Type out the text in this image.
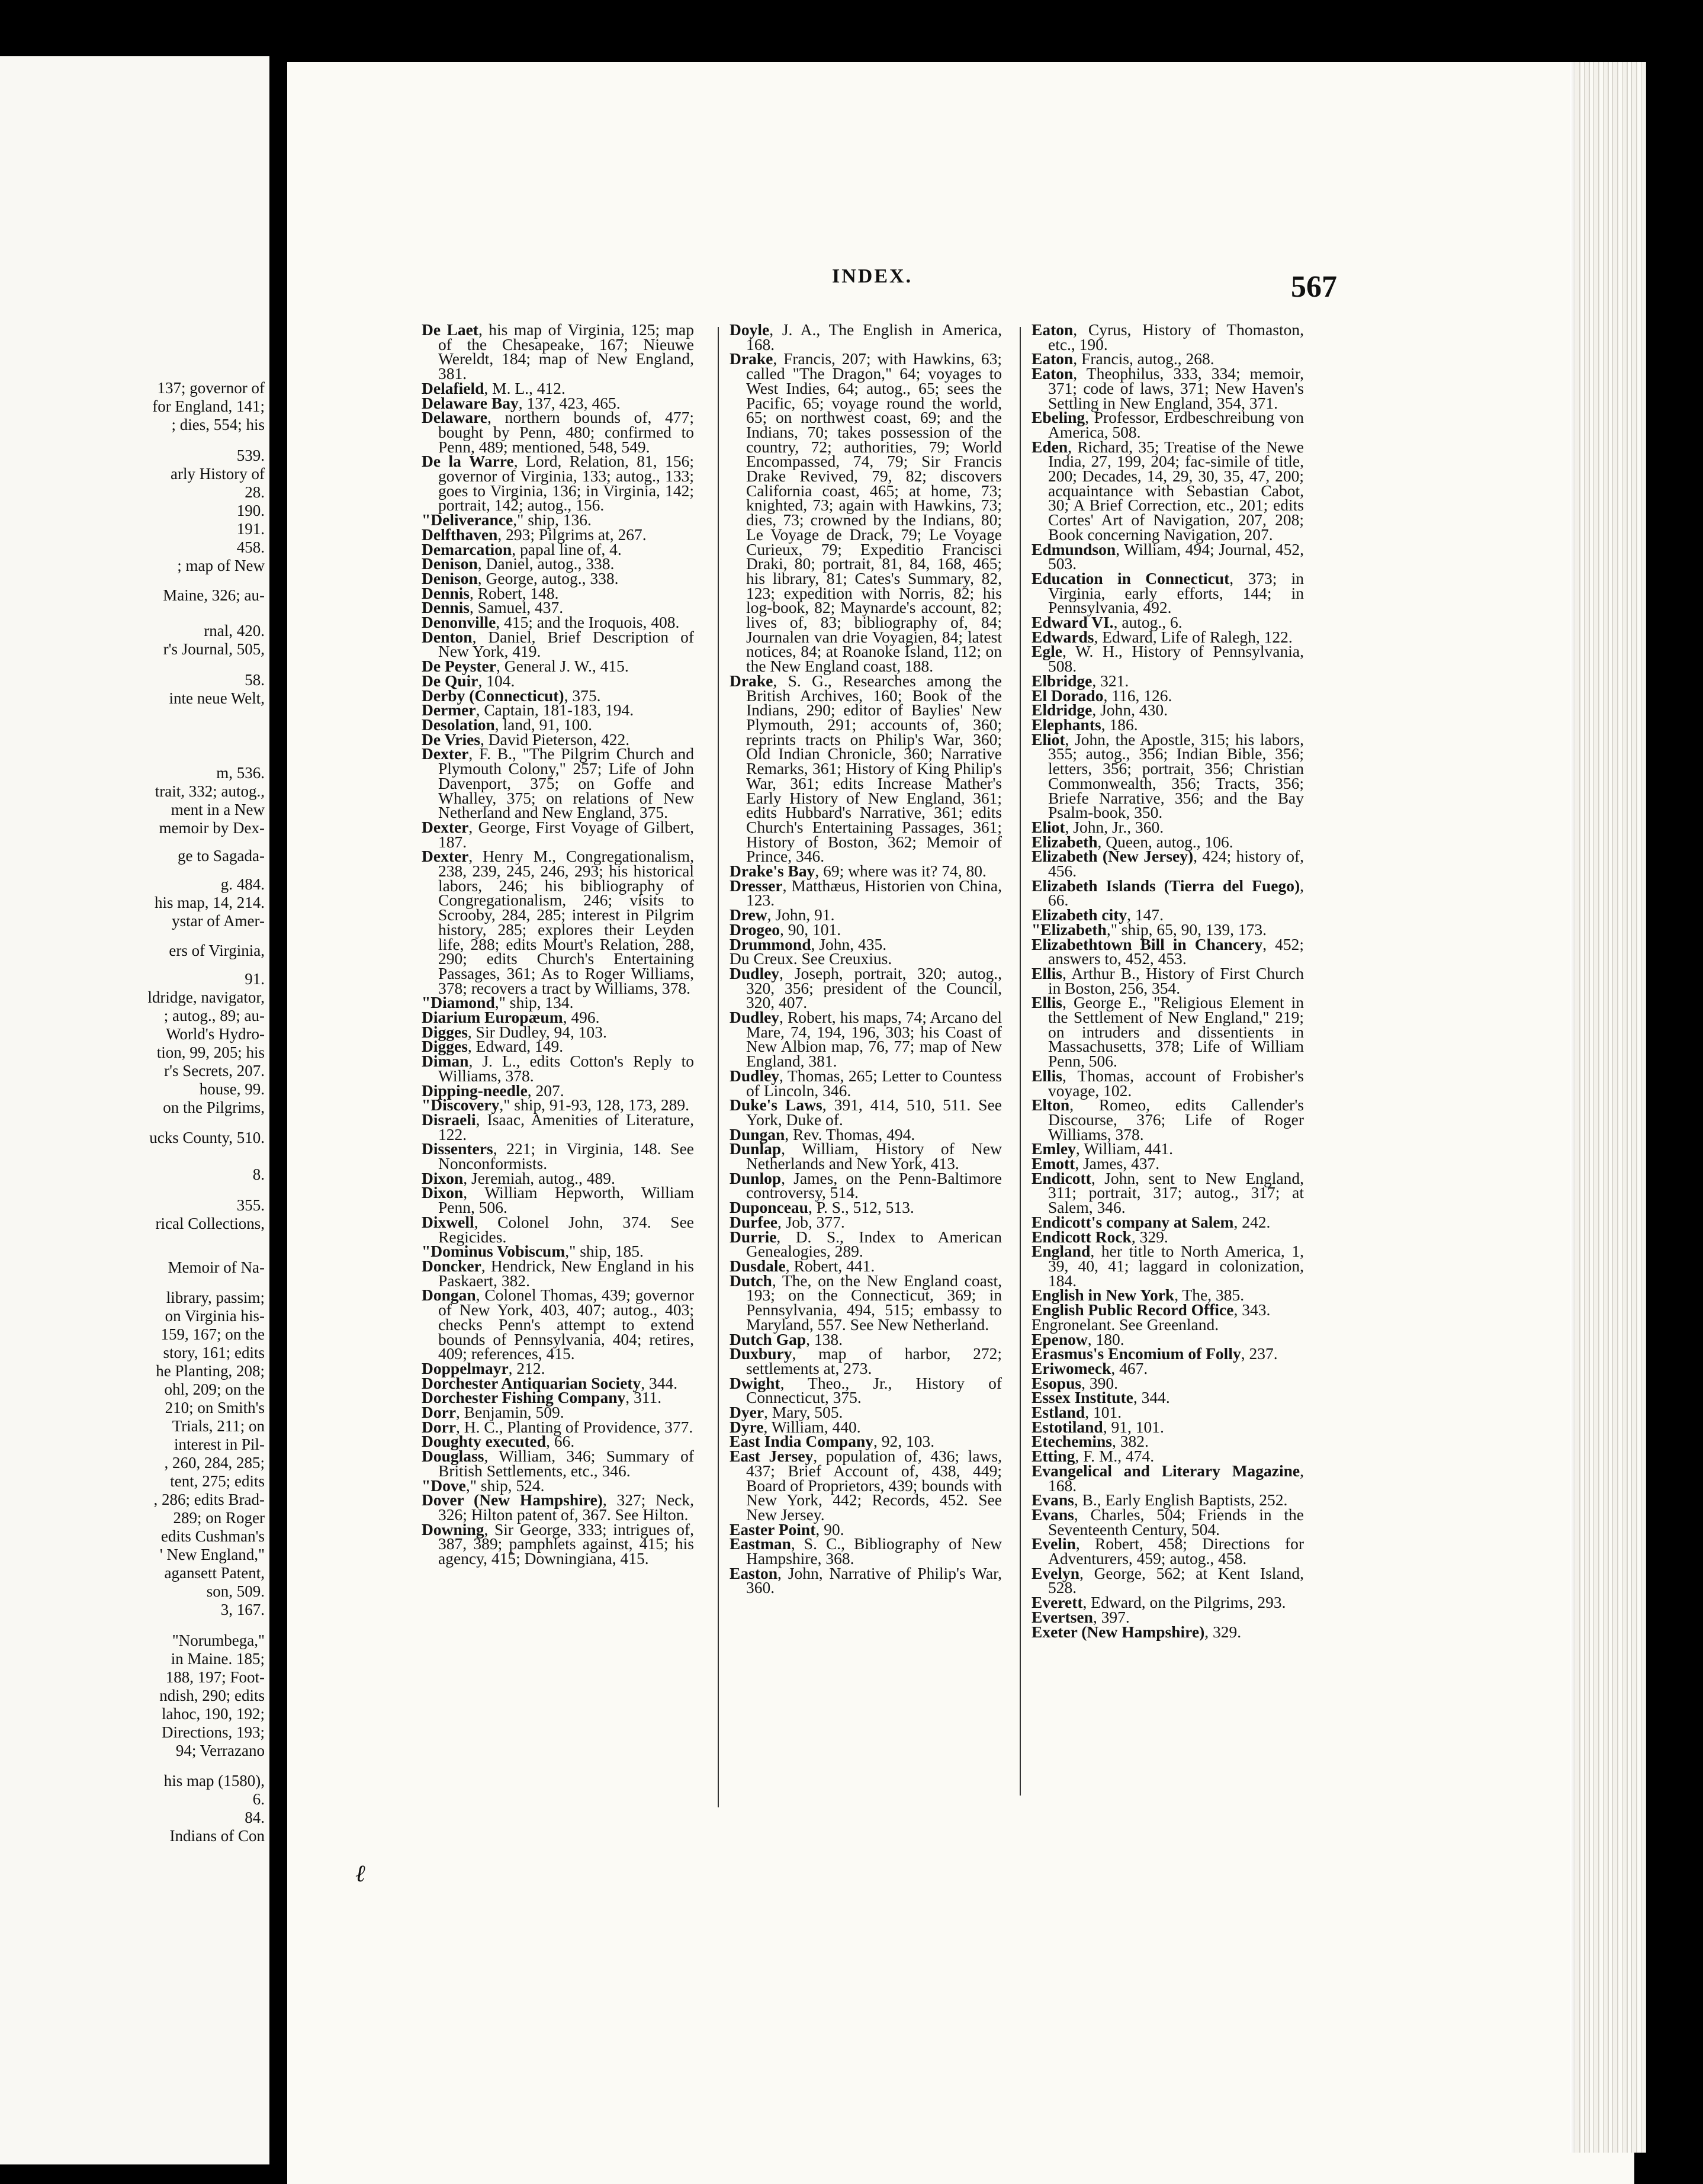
137; governor of
for England, 141;
; dies, 554; his
539.
arly History of
28.
190.
191.
458.
; map of New
Maine, 326; au-
rnal, 420.
r's Journal, 505,
58.
inte neue Welt,
m, 536.
trait, 332; autog.,
ment in a New
memoir by Dex-
ge to Sagada-
g. 484.
his map, 14, 214.
ystar of Amer-
ers of Virginia,
91.
ldridge, navigator,
; autog., 89; au-
World's Hydro-
tion, 99, 205; his
r's Secrets, 207.
house, 99.
on the Pilgrims,
ucks County, 510.
8.
355.
rical Collections,
Memoir of Na-
library, passim;
on Virginia his-
159, 167; on the
story, 161; edits
he Planting, 208;
ohl, 209; on the
210; on Smith's
Trials, 211; on
interest in Pil-
, 260, 284, 285;
tent, 275; edits
, 286; edits Brad-
289; on Roger
edits Cushman's
' New England,"
agansett Patent,
son, 509.
3, 167.
"Norumbega,"
in Maine. 185;
188, 197; Foot-
ndish, 290; edits
lahoc, 190, 192;
Directions, 193;
94; Verrazano
his map (1580),
6.
84.
Indians of Con
INDEX.	567

De Laet, his map of Virginia, 125; map of the Chesapeake, 167; Nieuwe Wereldt, 184; map of New England, 381.

Delafield, M. L., 412.

Delaware Bay, 137, 423, 465.

Delaware, northern bounds of, 477; bought by Penn, 480; confirmed to Penn, 489; mentioned, 548, 549.

De la Warre, Lord, Relation, 81, 156; governor of Virginia, 133; autog., 133; goes to Virginia, 136; in Virginia, 142; portrait, 142; autog., 156.

"Deliverance," ship, 136.

Delfthaven, 293; Pilgrims at, 267.

Demarcation, papal line of, 4.

Denison, Daniel, autog., 338.

Denison, George, autog., 338.

Dennis, Robert, 148.

Dennis, Samuel, 437.

Denonville, 415; and the Iroquois, 408.

Denton, Daniel, Brief Description of New York, 419.

De Peyster, General J. W., 415.

De Quir, 104.

Derby (Connecticut), 375.

Dermer, Captain, 181-183, 194.

Desolation, land, 91, 100.

De Vries, David Pieterson, 422.

Dexter, F. B., "The Pilgrim Church and Plymouth Colony," 257; Life of John Davenport, 375; on Goffe and Whalley, 375; on relations of New Netherland and New England, 375.

Dexter, George, First Voyage of Gilbert, 187.

Dexter, Henry M., Congregationalism, 238, 239, 245, 246, 293; his historical labors, 246; his bibliography of Congregationalism, 246; visits to Scrooby, 284, 285; interest in Pilgrim history, 285; explores their Leyden life, 288; edits Mourt's Relation, 288, 290; edits Church's Entertaining Passages, 361; As to Roger Williams, 378; recovers a tract by Williams, 378.

"Diamond," ship, 134.

Diarium Europæum, 496.

Digges, Sir Dudley, 94, 103.

Digges, Edward, 149.

Diman, J. L., edits Cotton's Reply to Williams, 378.

Dipping-needle, 207.

"Discovery," ship, 91-93, 128, 173, 289.

Disraeli, Isaac, Amenities of Literature, 122.

Dissenters, 221; in Virginia, 148. See Nonconformists.

Dixon, Jeremiah, autog., 489.

Dixon, William Hepworth, William Penn, 506.

Dixwell, Colonel John, 374. See Regicides.

"Dominus Vobiscum," ship, 185.

Doncker, Hendrick, New England in his Paskaert, 382.

Dongan, Colonel Thomas, 439; governor of New York, 403, 407; autog., 403; checks Penn's attempt to extend bounds of Pennsylvania, 404; retires, 409; references, 415.

Doppelmayr, 212.

Dorchester Antiquarian Society, 344.

Dorchester Fishing Company, 311.

Dorr, Benjamin, 509.

Dorr, H. C., Planting of Providence, 377.

Doughty executed, 66.

Douglass, William, 346; Summary of British Settlements, etc., 346.

"Dove," ship, 524.

Dover (New Hampshire), 327; Neck, 326; Hilton patent of, 367. See Hilton.

Downing, Sir George, 333; intrigues of, 387, 389; pamphlets against, 415; his agency, 415; Downingiana, 415.

Doyle, J. A., The English in America, 168.

Drake, Francis, 207; with Hawkins, 63; called "The Dragon," 64; voyages to West Indies, 64; autog., 65; sees the Pacific, 65; voyage round the world, 65; on northwest coast, 69; and the Indians, 70; takes possession of the country, 72; authorities, 79; World Encompassed, 74, 79; Sir Francis Drake Revived, 79, 82; discovers California coast, 465; at home, 73; knighted, 73; again with Hawkins, 73; dies, 73; crowned by the Indians, 80; Le Voyage de Drack, 79; Le Voyage Curieux, 79; Expeditio Francisci Draki, 80; portrait, 81, 84, 168, 465; his library, 81; Cates's Summary, 82, 123; expedition with Norris, 82; his log-book, 82; Maynarde's account, 82; lives of, 83; bibliography of, 84; Journalen van drie Voyagien, 84; latest notices, 84; at Roanoke Island, 112; on the New England coast, 188.

Drake, S. G., Researches among the British Archives, 160; Book of the Indians, 290; editor of Baylies' New Plymouth, 291; accounts of, 360; reprints tracts on Philip's War, 360; Old Indian Chronicle, 360; Narrative Remarks, 361; History of King Philip's War, 361; edits Increase Mather's Early History of New England, 361; edits Hubbard's Narrative, 361; edits Church's Entertaining Passages, 361; History of Boston, 362; Memoir of Prince, 346.

Drake's Bay, 69; where was it? 74, 80.

Dresser, Matthæus, Historien von China, 123.

Drew, John, 91.

Drogeo, 90, 101.

Drummond, John, 435.

Du Creux. See Creuxius.

Dudley, Joseph, portrait, 320; autog., 320, 356; president of the Council, 320, 407.

Dudley, Robert, his maps, 74; Arcano del Mare, 74, 194, 196, 303; his Coast of New Albion map, 76, 77; map of New England, 381.

Dudley, Thomas, 265; Letter to Countess of Lincoln, 346.

Duke's Laws, 391, 414, 510, 511. See York, Duke of.

Dungan, Rev. Thomas, 494.

Dunlap, William, History of New Netherlands and New York, 413.

Dunlop, James, on the Penn-Baltimore controversy, 514.

Duponceau, P. S., 512, 513.

Durfee, Job, 377.

Durrie, D. S., Index to American Genealogies, 289.

Dusdale, Robert, 441.

Dutch, The, on the New England coast, 193; on the Connecticut, 369; in Pennsylvania, 494, 515; embassy to Maryland, 557. See New Netherland.

Dutch Gap, 138.

Duxbury, map of harbor, 272; settlements at, 273.

Dwight, Theo., Jr., History of Connecticut, 375.

Dyer, Mary, 505.

Dyre, William, 440.

East India Company, 92, 103.

East Jersey, population of, 436; laws, 437; Brief Account of, 438, 449; Board of Proprietors, 439; bounds with New York, 442; Records, 452. See New Jersey.

Easter Point, 90.

Eastman, S. C., Bibliography of New Hampshire, 368.

Easton, John, Narrative of Philip's War, 360.

Eaton, Cyrus, History of Thomaston, etc., 190.

Eaton, Francis, autog., 268.

Eaton, Theophilus, 333, 334; memoir, 371; code of laws, 371; New Haven's Settling in New England, 354, 371.

Ebeling, Professor, Erdbeschreibung von America, 508.

Eden, Richard, 35; Treatise of the Newe India, 27, 199, 204; fac-simile of title, 200; Decades, 14, 29, 30, 35, 47, 200; acquaintance with Sebastian Cabot, 30; A Brief Correction, etc., 201; edits Cortes' Art of Navigation, 207, 208; Book concerning Navigation, 207.

Edmundson, William, 494; Journal, 452, 503.

Education in Connecticut, 373; in Virginia, early efforts, 144; in Pennsylvania, 492.

Edward VI., autog., 6.

Edwards, Edward, Life of Ralegh, 122.

Egle, W. H., History of Pennsylvania, 508.

Elbridge, 321.

El Dorado, 116, 126.

Eldridge, John, 430.

Elephants, 186.

Eliot, John, the Apostle, 315; his labors, 355; autog., 356; Indian Bible, 356; letters, 356; portrait, 356; Christian Commonwealth, 356; Tracts, 356; Briefe Narrative, 356; and the Bay Psalm-book, 350.

Eliot, John, Jr., 360.

Elizabeth, Queen, autog., 106.

Elizabeth (New Jersey), 424; history of, 456.

Elizabeth Islands (Tierra del Fuego), 66.

Elizabeth city, 147.

"Elizabeth," ship, 65, 90, 139, 173.

Elizabethtown Bill in Chancery, 452; answers to, 452, 453.

Ellis, Arthur B., History of First Church in Boston, 256, 354.

Ellis, George E., "Religious Element in the Settlement of New England," 219; on intruders and dissentients in Massachusetts, 378; Life of William Penn, 506.

Ellis, Thomas, account of Frobisher's voyage, 102.

Elton, Romeo, edits Callender's Discourse, 376; Life of Roger Williams, 378.

Emley, William, 441.

Emott, James, 437.

Endicott, John, sent to New England, 311; portrait, 317; autog., 317; at Salem, 346.

Endicott's company at Salem, 242.

Endicott Rock, 329.

England, her title to North America, 1, 39, 40, 41; laggard in colonization, 184.

English in New York, The, 385.

English Public Record Office, 343.

Engronelant. See Greenland.

Epenow, 180.

Erasmus's Encomium of Folly, 237.

Eriwomeck, 467.

Esopus, 390.

Essex Institute, 344.

Estland, 101.

Estotiland, 91, 101.

Etechemins, 382.

Etting, F. M., 474.

Evangelical and Literary Magazine, 168.

Evans, B., Early English Baptists, 252.

Evans, Charles, 504; Friends in the Seventeenth Century, 504.

Evelin, Robert, 458; Directions for Adventurers, 459; autog., 458.

Evelyn, George, 562; at Kent Island, 528.

Everett, Edward, on the Pilgrims, 293.

Evertsen, 397.

Exeter (New Hampshire), 329.

ℓ
